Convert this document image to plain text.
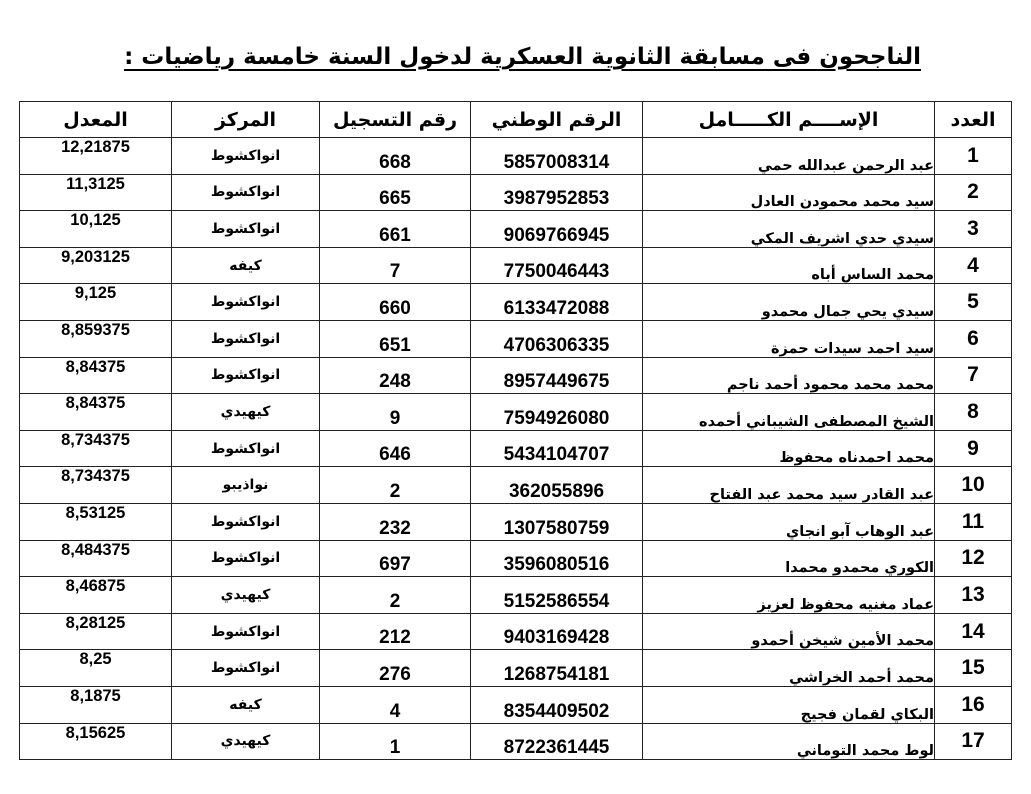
الناجحون فى مسابقة الثانوية العسكرية لدخول السنة خامسة رياضيات :
العدد	الإســــم الكـــــامل	الرقم الوطني	رقم التسجيل	المركز	المعدل
1	عبد الرحمن عبدالله حمي	5857008314	668	انواكشوط	12,21875
2	سيد محمد محمودن العادل	3987952853	665	انواكشوط	11,3125
3	سيدي حدي اشريف المكي	9069766945	661	انواكشوط	10,125
4	محمد الساس أباه	7750046443	7	كيفه	9,203125
5	سيدي يحي جمال محمدو	6133472088	660	انواكشوط	9,125
6	سيد احمد سيدات حمزة	4706306335	651	انواكشوط	8,859375
7	محمد محمد محمود أحمد ناجم	8957449675	248	انواكشوط	8,84375
8	الشيخ المصطفى الشيباني أحمده	7594926080	9	كيهيدي	8,84375
9	محمد احمدناه محفوظ	5434104707	646	انواكشوط	8,734375
10	عبد القادر سيد محمد عبد الفتاح	362055896	2	نواذيبو	8,734375
11	عبد الوهاب آبو انجاي	1307580759	232	انواكشوط	8,53125
12	الكوري محمدو محمدا	3596080516	697	انواكشوط	8,484375
13	عماد مغنيه محفوظ لعزيز	5152586554	2	كيهيدي	8,46875
14	محمد الأمين شيخن أحمدو	9403169428	212	انواكشوط	8,28125
15	محمد أحمد الخراشي	1268754181	276	انواكشوط	8,25
16	البكاي لقمان فجيج	8354409502	4	كيفه	8,1875
17	لوط محمد التوماني	8722361445	1	كيهيدي	8,15625
